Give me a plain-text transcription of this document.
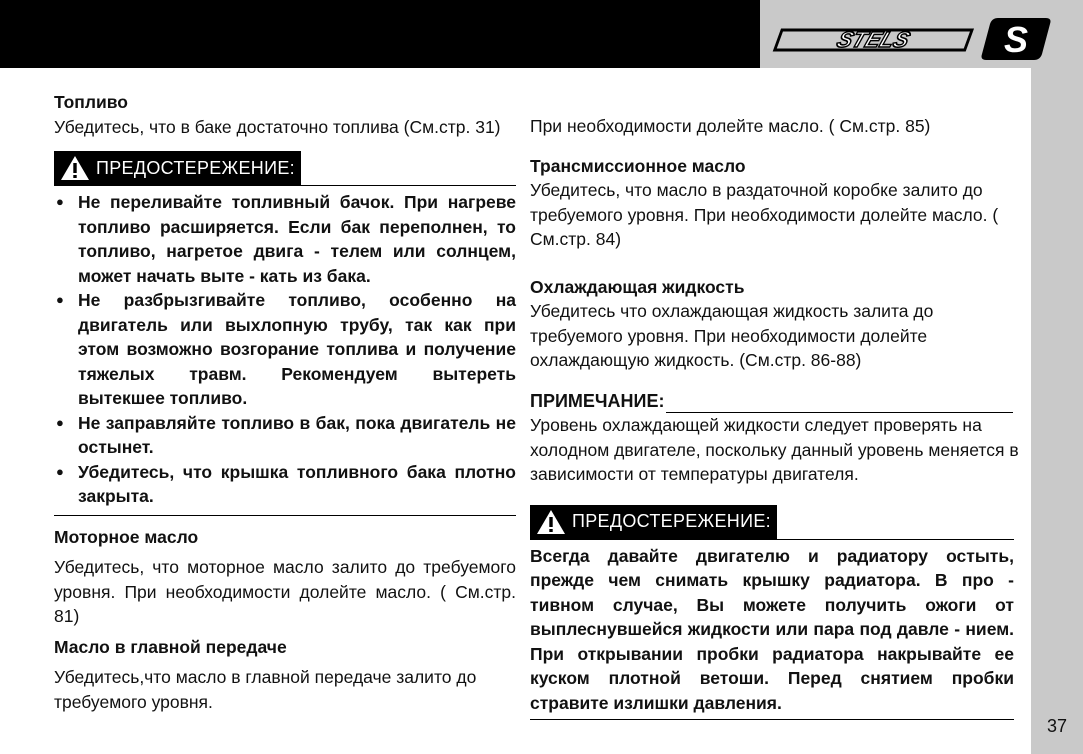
STELS	S
37
Топливо

Убедитесь, что в баке достаточно топлива (См.стр. 31)

ПРЕДОСТЕРЕЖЕНИЕ :
● Не переливайте топливный бачок. При нагреве топливо расширяется. Если бак переполнен, то топливо, нагретое двига - телем или солнцем, может начать выте - кать из бака.
● Не разбрызгивайте топливо, особенно на двигатель или выхлопную трубу, так как при этом возможно возгорание топлива и получение тяжелых травм. Рекомендуем вытереть вытекшее топливо.
● Не заправляйте топливо в бак, пока двигатель не остынет.
● Убедитесь, что крышка топливного бака плотно закрыта.
Моторное масло

Убедитесь, что моторное масло залито до требуемого уровня. При необходимости долейте масло. ( См.стр. 81)

Масло в главной передаче

Убедитесь,что масло в главной передаче залито до требуемого уровня.

При необходимости долейте масло. ( См.стр. 85)

Трансмиссионное масло

Убедитесь, что масло в раздаточной коробке залито до требуемого уровня. При необходимости долейте масло. ( См.стр. 84)

Охлаждающая жидкость

Убедитесь что охлаждающая жидкость залита до требуемого уровня. При необходимости долейте охлаждающую жидкость. (См.стр. 86-88)

ПРИМЕЧАНИЕ:

Уровень охлаждающей жидкости следует проверять на холодном двигателе, поскольку данный уровень меняется в зависимости от температуры двигателя.

ПРЕДОСТЕРЕЖЕНИЕ :

Всегда давайте двигателю и радиатору остыть, прежде чем снимать крышку радиатора. В про - тивном случае, Вы можете получить ожоги от выплеснувшейся жидкости или пара под давле - нием. При открывании пробки радиатора накрывайте ее куском плотной ветоши. Перед снятием пробки стравите излишки давления.
